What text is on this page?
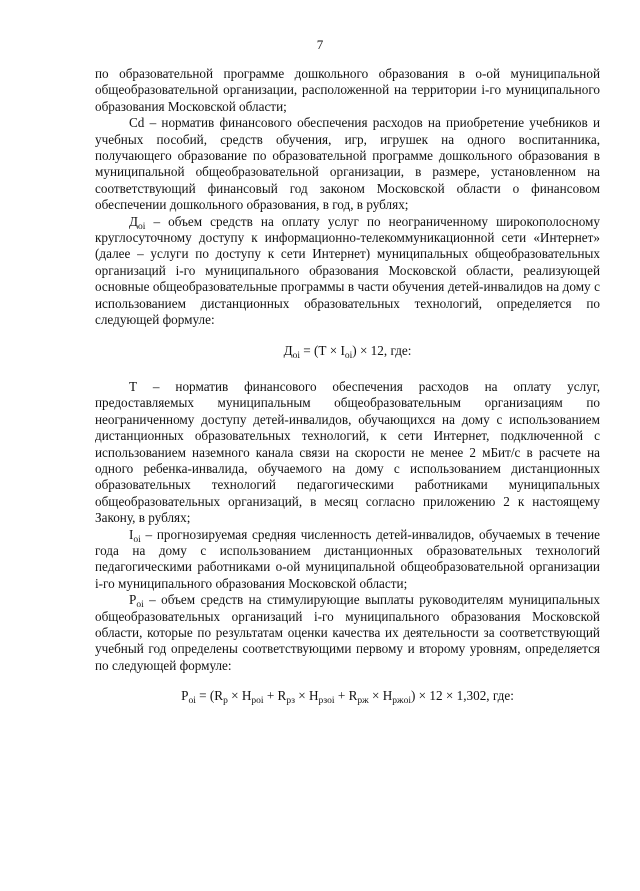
7

по образовательной программе дошкольного образования в о-ой муниципальной общеобразовательной организации, расположенной на территории i-го муниципального образования Московской области;

Cd – норматив финансового обеспечения расходов на приобретение учебников и учебных пособий, средств обучения, игр, игрушек на одного воспитанника, получающего образование по образовательной программе дошкольного образования в муниципальной общеобразовательной организации, в размере, установленном на соответствующий финансовый год законом Московской области о финансовом обеспечении дошкольного образования, в год, в рублях;

$Д_{oi}$ – объем средств на оплату услуг по неограниченному широкополосному круглосуточному доступу к информационно-телекоммуникационной сети «Интернет» (далее – услуги по доступу к сети Интернет) муниципальных общеобразовательных организаций i-го муниципального образования Московской области, реализующей основные общеобразовательные программы в части обучения детей-инвалидов на дому с использованием дистанционных образовательных технологий, определяется по следующей формуле:

$Д_{oi} = (Т \times I_{oi}) \times 12$, где:

Т – норматив финансового обеспечения расходов на оплату услуг, предоставляемых муниципальным общеобразовательным организациям по неограниченному доступу детей-инвалидов, обучающихся на дому с использованием дистанционных образовательных технологий, к сети Интернет, подключенной с использованием наземного канала связи на скорости не менее 2 мБит/с в расчете на одного ребенка-инвалида, обучаемого на дому с использованием дистанционных образовательных технологий педагогическими работниками муниципальных общеобразовательных организаций, в месяц согласно приложению 2 к настоящему Закону, в рублях;

$I_{oi}$ – прогнозируемая средняя численность детей-инвалидов, обучаемых в течение года на дому с использованием дистанционных образовательных технологий педагогическими работниками о-ой муниципальной общеобразовательной организации i-го муниципального образования Московской области;

$P_{oi}$ – объем средств на стимулирующие выплаты руководителям муниципальных общеобразовательных организаций i-го муниципального образования Московской области, которые по результатам оценки качества их деятельности за соответствующий учебный год определены соответствующими первому и второму уровням, определяется по следующей формуле:

$P_{oi} = (R_p \times H_{poi} + R_{рз} \times H_{рзoi} + R_{рж} \times H_{ржoi}) \times 12 \times 1,302$, где:
